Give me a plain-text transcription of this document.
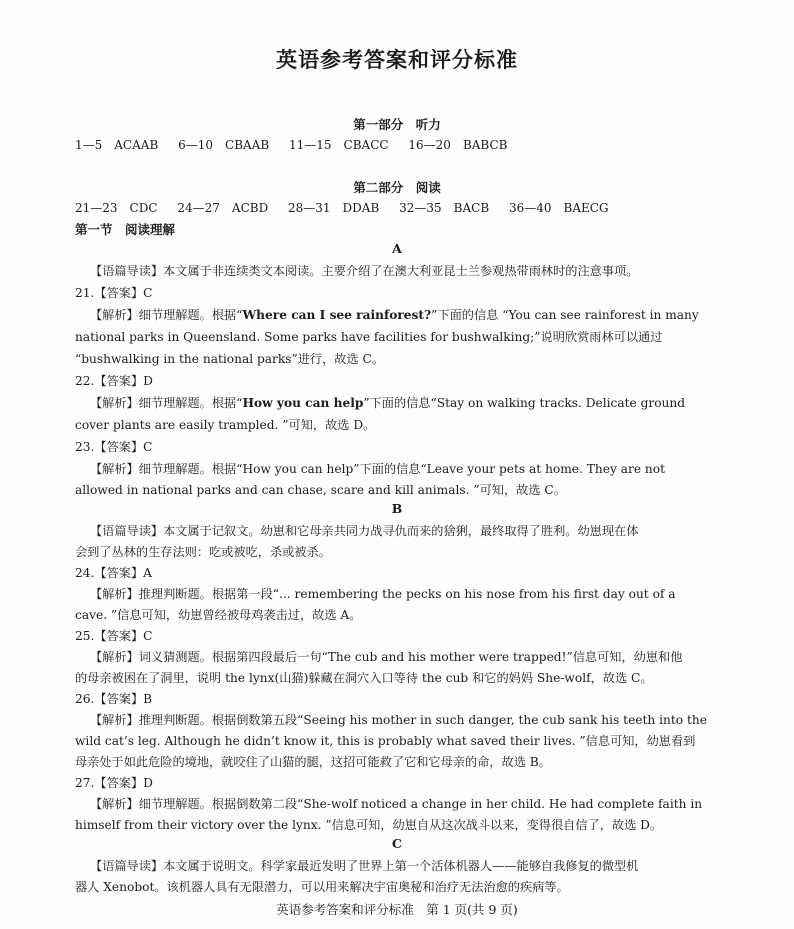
英语参考答案和评分标准
第一部分　听力
1—5　ACAAB 6—10　CBAAB 11—15　CBACC 16—20　BABCB
第二部分　阅读
21—23　CDC 24—27　ACBD 28—31　DDAB 32—35　BACB 36—40　BAECG
第一节　阅读理解
A
【语篇导读】本文属于非连续类文本阅读。主要介绍了在澳大利亚昆士兰参观热带雨林时的注意事项。
21.【答案】C
【解析】细节理解题。根据“Where can I see rainforest?”下面的信息 “You can see rainforest in many
national parks in Queensland. Some parks have facilities for bushwalking;”说明欣赏雨林可以通过
“bushwalking in the national parks”进行，故选 C。
22.【答案】D
【解析】细节理解题。根据“How you can help”下面的信息“Stay on walking tracks. Delicate ground
cover plants are easily trampled. ”可知，故选 D。
23.【答案】C
【解析】细节理解题。根据“How you can help”下面的信息“Leave your pets at home. They are not
allowed in national parks and can chase, scare and kill animals. ”可知，故选 C。
B
【语篇导读】本文属于记叙文。幼崽和它母亲共同力战寻仇而来的猞猁，最终取得了胜利。幼崽现在体
会到了丛林的生存法则：吃或被吃，杀或被杀。
24.【答案】A
【解析】推理判断题。根据第一段“... remembering the pecks on his nose from his first day out of a
cave. ”信息可知，幼崽曾经被母鸡袭击过，故选 A。
25.【答案】C
【解析】词义猜测题。根据第四段最后一句“The cub and his mother were trapped!”信息可知，幼崽和他
的母亲被困在了洞里，说明 the lynx(山猫)躲藏在洞穴入口等待 the cub 和它的妈妈 She-wolf，故选 C。
26.【答案】B
【解析】推理判断题。根据倒数第五段“Seeing his mother in such danger, the cub sank his teeth into the
wild cat’s leg. Although he didn’t know it, this is probably what saved their lives. ”信息可知，幼崽看到
母亲处于如此危险的境地，就咬住了山猫的腿，这招可能救了它和它母亲的命，故选 B。
27.【答案】D
【解析】细节理解题。根据倒数第二段“She-wolf noticed a change in her child. He had complete faith in
himself from their victory over the lynx. ”信息可知，幼崽自从这次战斗以来，变得很自信了，故选 D。
C
【语篇导读】本文属于说明文。科学家最近发明了世界上第一个活体机器人——能够自我修复的微型机
器人 Xenobot。该机器人具有无限潜力，可以用来解决宇宙奥秘和治疗无法治愈的疾病等。
英语参考答案和评分标准　第 1 页(共 9 页)
